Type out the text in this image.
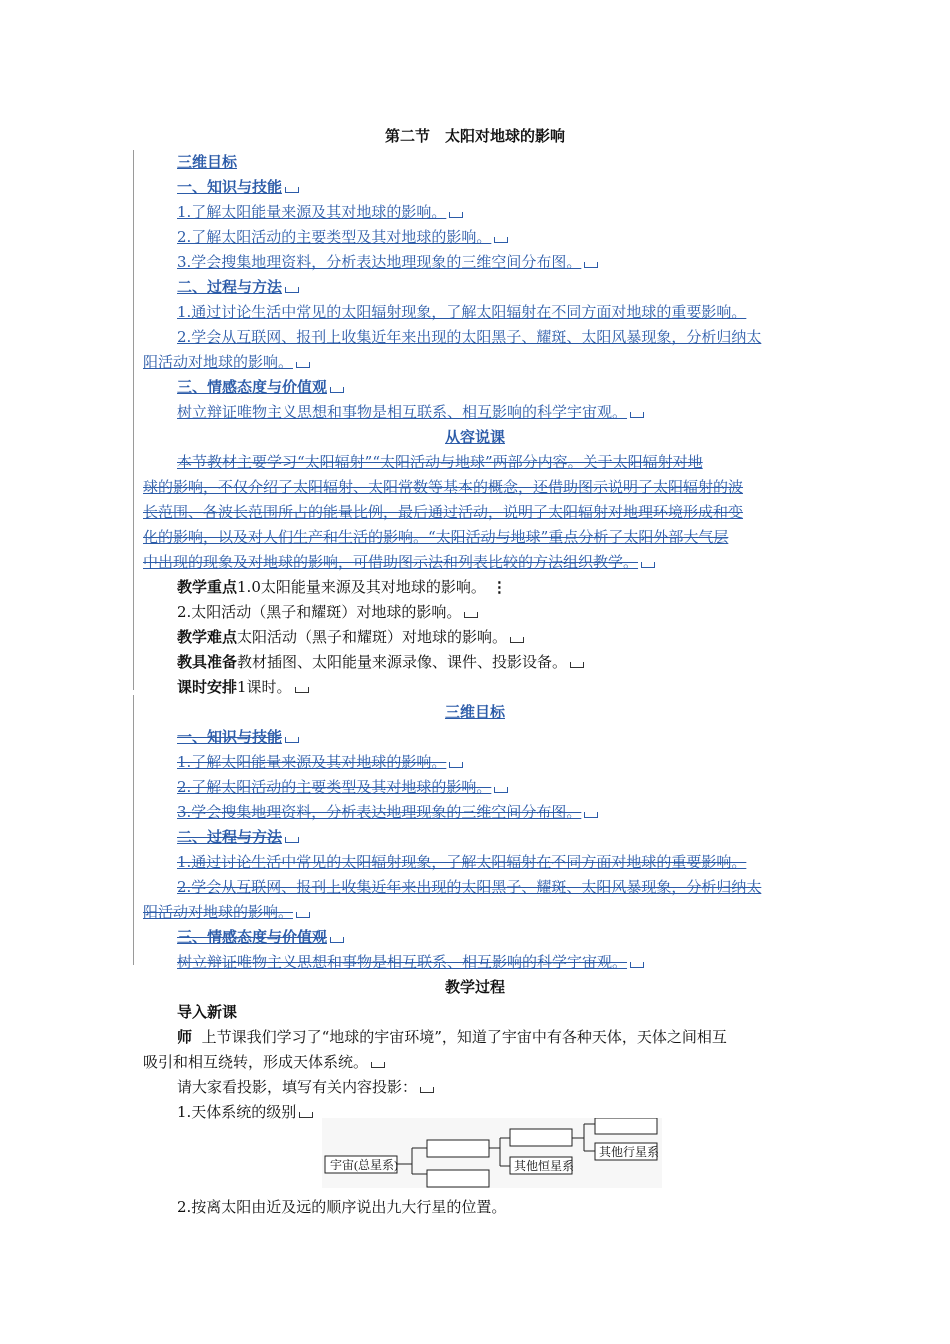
第二节　太阳对地球的影响
三维目标
一、知识与技能
1.了解太阳能量来源及其对地球的影响。
2.了解太阳活动的主要类型及其对地球的影响。
3.学会搜集地理资料，分析表达地理现象的三维空间分布图。
二、过程与方法
1.通过讨论生活中常见的太阳辐射现象，了解太阳辐射在不同方面对地球的重要影响。
2.学会从互联网、报刊上收集近年来出现的太阳黑子、耀斑、太阳风暴现象，分析归纳太
阳活动对地球的影响。
三、情感态度与价值观
树立辩证唯物主义思想和事物是相互联系、相互影响的科学宇宙观。
从容说课
本节教材主要学习“太阳辐射”“太阳活动与地球”两部分内容。关于太阳辐射对地
球的影响，不仅介绍了太阳辐射、太阳常数等基本的概念，还借助图示说明了太阳辐射的波
长范围、各波长范围所占的能量比例，最后通过活动，说明了太阳辐射对地理环境形成和变
化的影响，以及对人们生产和生活的影响。“太阳活动与地球”重点分析了太阳外部大气层
中出现的现象及对地球的影响，可借助图示法和列表比较的方法组织教学。
教学重点1.0太阳能量来源及其对地球的影响。 ⋮
2.太阳活动（黑子和耀斑）对地球的影响。
教学难点太阳活动（黑子和耀斑）对地球的影响。
教具准备教材插图、太阳能量来源录像、课件、投影设备。
课时安排1课时。
三维目标
一、知识与技能
1.了解太阳能量来源及其对地球的影响。
2.了解太阳活动的主要类型及其对地球的影响。
3.学会搜集地理资料，分析表达地理现象的三维空间分布图。
二、过程与方法
1.通过讨论生活中常见的太阳辐射现象，了解太阳辐射在不同方面对地球的重要影响。
2.学会从互联网、报刊上收集近年来出现的太阳黑子、耀斑、太阳风暴现象，分析归纳太
阳活动对地球的影响。
三、情感态度与价值观
树立辩证唯物主义思想和事物是相互联系、相互影响的科学宇宙观。
教学过程
导入新课
师 上节课我们学习了“地球的宇宙环境”，知道了宇宙中有各种天体，天体之间相互
吸引和相互绕转，形成天体系统。
请大家看投影，填写有关内容投影：
1.天体系统的级别
宇宙(总星系)	其他恒星系
其他行星系
2.按离太阳由近及远的顺序说出九大行星的位置。
